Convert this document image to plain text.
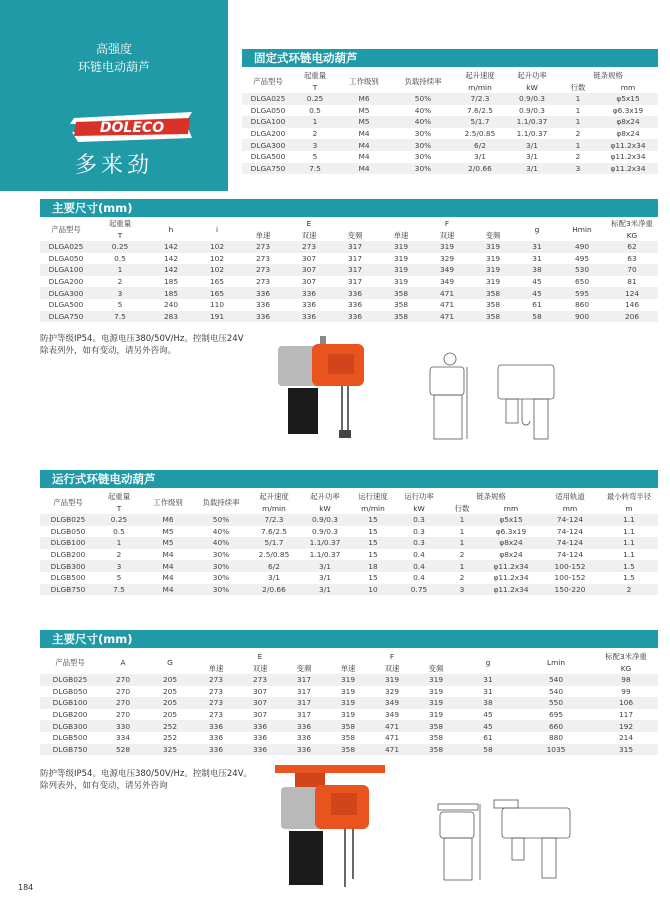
高强度
环链电动葫芦
DOLECO
多来劲
固定式环链电动葫芦
产品型号	起重量	工作级别	负载持续率	起升速度	起升功率	链条规格	
	T			m/min	kW	行数	mm
DLGA025	0.25	M6	50%	7/2.3	0.9/0.3	1	φ5x15
DLGA050	0.5	M5	40%	7.6/2.5	0.9/0.3	1	φ6.3x19
DLGA100	1	M5	40%	5/1.7	1.1/0.37	1	φ8x24
DLGA200	2	M4	30%	2.5/0.85	1.1/0.37	2	φ8x24
DLGA300	3	M4	30%	6/2	3/1	1	φ11.2x34
DLGA500	5	M4	30%	3/1	3/1	2	φ11.2x34
DLGA750	7.5	M4	30%	2/0.66	3/1	3	φ11.2x34
主要尺寸(mm)
产品型号	起重量	h	i	E			F			g	Hmin	标配3米净重
	T			单速	双速	变频	单速	双速	变频			KG
DLGA025	0.25	142	102	273	273	317	319	319	319	31	490	62
DLGA050	0.5	142	102	273	307	317	319	329	319	31	495	63
DLGA100	1	142	102	273	307	317	319	349	319	38	530	70
DLGA200	2	185	165	273	307	317	319	349	319	45	650	81
DLGA300	3	185	165	336	336	336	358	471	358	45	595	124
DLGA500	5	240	110	336	336	336	358	471	358	61	860	146
DLGA750	7.5	283	191	336	336	336	358	471	358	58	900	206
防护等级IP54。电源电压380/50V/Hz。控制电压24V
除表列外，如有变动，请另外咨询。
运行式环链电动葫芦
产品型号	起重量	工作级别	负载持续率	起升速度	起升功率	运行速度	运行功率	链条规格		适用轨道	最小转弯半径
	T			m/min	kW	m/min	kW	行数	mm	mm	m
DLGB025	0.25	M6	50%	7/2.3	0.9/0.3	15	0.3	1	φ5x15	74-124	1.1
DLGB050	0.5	M5	40%	7.6/2.5	0.9/0.3	15	0.3	1	φ6.3x19	74-124	1.1
DLGB100	1	M5	40%	5/1.7	1.1/0.37	15	0.3	1	φ8x24	74-124	1.1
DLGB200	2	M4	30%	2.5/0.85	1.1/0.37	15	0.4	2	φ8x24	74-124	1.1
DLGB300	3	M4	30%	6/2	3/1	18	0.4	1	φ11.2x34	100-152	1.5
DLGB500	5	M4	30%	3/1	3/1	15	0.4	2	φ11.2x34	100-152	1.5
DLGB750	7.5	M4	30%	2/0.66	3/1	10	0.75	3	φ11.2x34	150-220	2
主要尺寸(mm)
产品型号	A	G	E			F			g	Lmin	标配3米净重
			单速	双速	变频	单速	双速	变频			KG
DLGB025	270	205	273	273	317	319	319	319	31	540	98
DLGB050	270	205	273	307	317	319	329	319	31	540	99
DLGB100	270	205	273	307	317	319	349	319	38	550	106
DLGB200	270	205	273	307	317	319	349	319	45	695	117
DLGB300	330	252	336	336	336	358	471	358	45	660	192
DLGB500	334	252	336	336	336	358	471	358	61	880	214
DLGB750	528	325	336	336	336	358	471	358	58	1035	315
防护等级IP54。电源电压380/50V/Hz。控制电压24V。
除列表外，如有变动，请另外咨询
184
